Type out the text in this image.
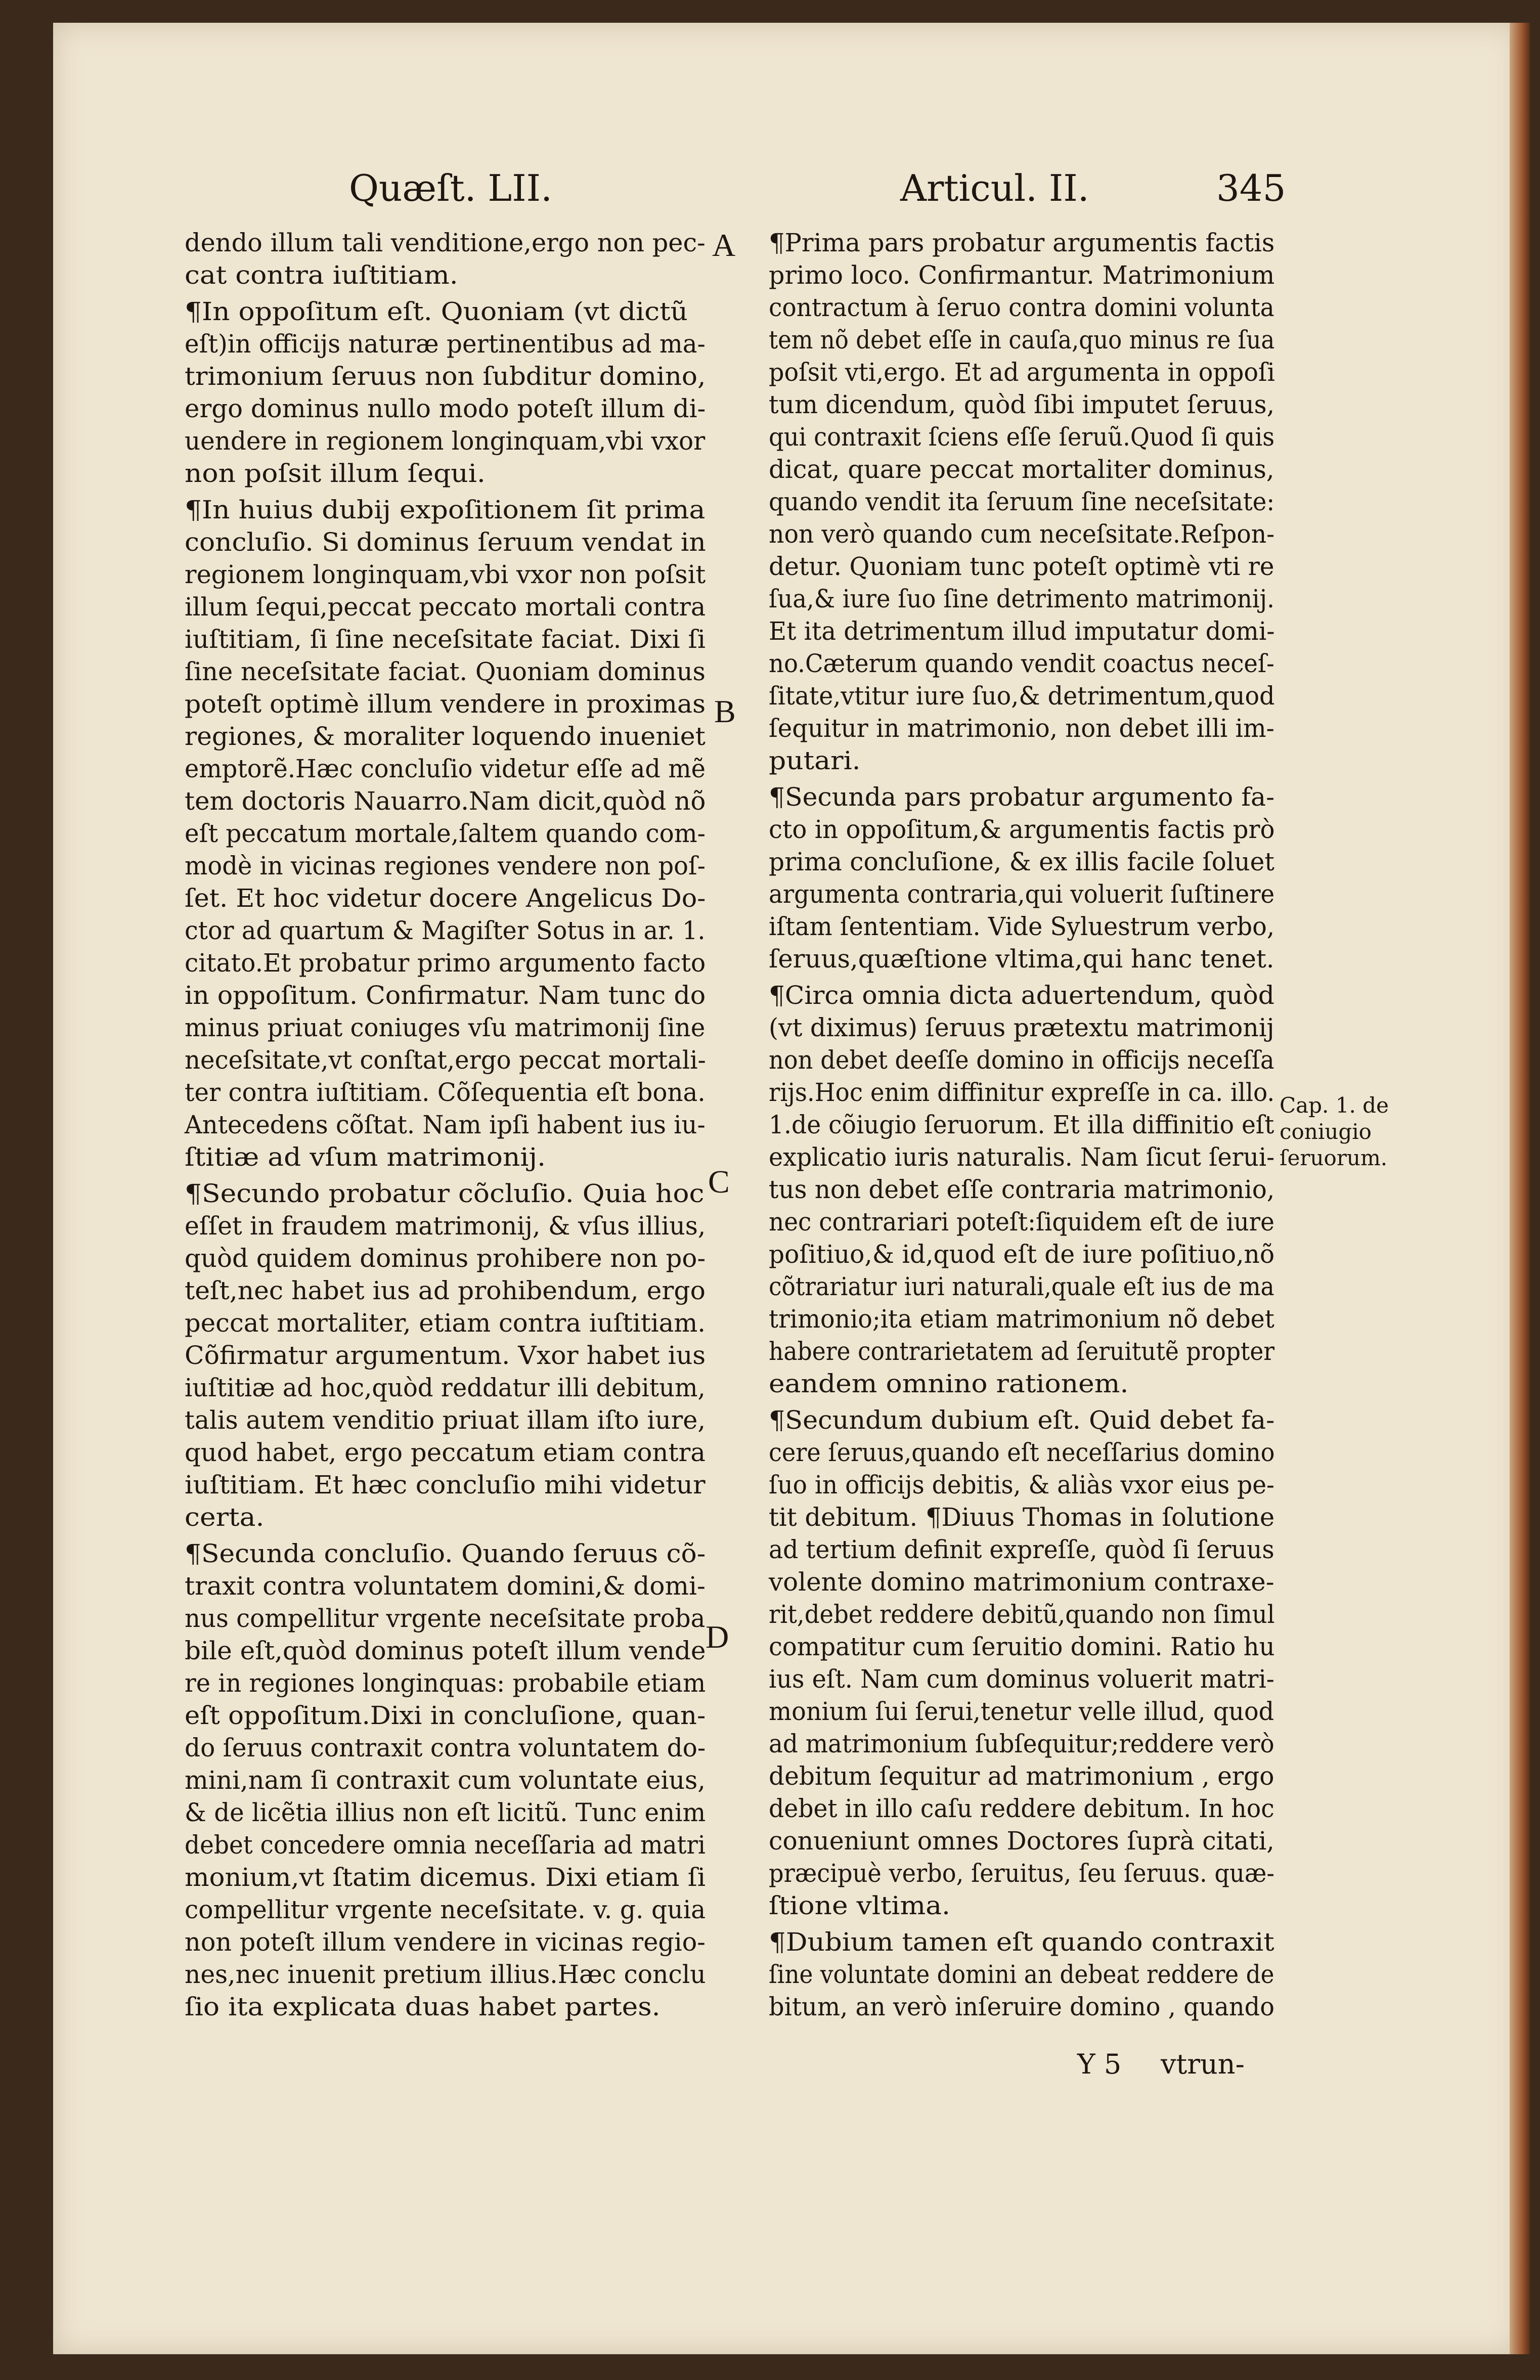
Quæſt. LII.	Articul. II.	345
dendo illum tali venditione,ergo non pec-
cat contra iuſtitiam.
¶In oppoſitum eſt. Quoniam (vt dictũ
eſt)in officijs naturæ pertinentibus ad ma-
trimonium ſeruus non ſubditur domino,
ergo dominus nullo modo poteſt illum di-
uendere in regionem longinquam,vbi vxor
non poſsit illum ſequi.
¶In huius dubij expoſitionem ſit prima
concluſio. Si dominus ſeruum vendat in
regionem longinquam,vbi vxor non poſsit
illum ſequi,peccat peccato mortali contra
iuſtitiam, ſi ſine neceſsitate faciat. Dixi ſi
ſine neceſsitate faciat. Quoniam dominus
poteſt optimè illum vendere in proximas
regiones, & moraliter loquendo inueniet
emptorẽ.Hæc concluſio videtur eſſe ad mẽ
tem doctoris Nauarro.Nam dicit,quòd nõ
eſt peccatum mortale,ſaltem quando com-
modè in vicinas regiones vendere non poſ-
ſet. Et hoc videtur docere Angelicus Do-
ctor ad quartum & Magiſter Sotus in ar. 1.
citato.Et probatur primo argumento facto
in oppoſitum. Confirmatur. Nam tunc do
minus priuat coniuges vſu matrimonij ſine
neceſsitate,vt conſtat,ergo peccat mortali-
ter contra iuſtitiam. Cõſequentia eſt bona.
Antecedens cõſtat. Nam ipſi habent ius iu-
ſtitiæ ad vſum matrimonij.
¶Secundo probatur cõcluſio. Quia hoc
eſſet in fraudem matrimonij, & vſus illius,
quòd quidem dominus prohibere non po-
teſt,nec habet ius ad prohibendum, ergo
peccat mortaliter, etiam contra iuſtitiam.
Cõfirmatur argumentum. Vxor habet ius
iuſtitiæ ad hoc,quòd reddatur illi debitum,
talis autem venditio priuat illam iſto iure,
quod habet, ergo peccatum etiam contra
iuſtitiam. Et hæc concluſio mihi videtur
certa.
¶Secunda concluſio. Quando ſeruus cõ-
traxit contra voluntatem domini,& domi-
nus compellitur vrgente neceſsitate proba
bile eſt,quòd dominus poteſt illum vende
re in regiones longinquas: probabile etiam
eſt oppoſitum.Dixi in concluſione, quan-
do ſeruus contraxit contra voluntatem do-
mini,nam ſi contraxit cum voluntate eius,
& de licẽtia illius non eſt licitũ. Tunc enim
debet concedere omnia neceſſaria ad matri
monium,vt ſtatim dicemus. Dixi etiam ſi
compellitur vrgente neceſsitate. v. g. quia
non poteſt illum vendere in vicinas regio-
nes,nec inuenit pretium illius.Hæc conclu
ſio ita explicata duas habet partes.
¶Prima pars probatur argumentis factis
primo loco. Confirmantur. Matrimonium
contractum à ſeruo contra domini volunta
tem nõ debet eſſe in cauſa,quo minus re ſua
poſsit vti,ergo. Et ad argumenta in oppoſi
tum dicendum, quòd ſibi imputet ſeruus,
qui contraxit ſciens eſſe ſeruũ.Quod ſi quis
dicat, quare peccat mortaliter dominus,
quando vendit ita ſeruum ſine neceſsitate:
non verò quando cum neceſsitate.Reſpon-
detur. Quoniam tunc poteſt optimè vti re
ſua,& iure ſuo ſine detrimento matrimonij.
Et ita detrimentum illud imputatur domi-
no.Cæterum quando vendit coactus neceſ-
ſitate,vtitur iure ſuo,& detrimentum,quod
ſequitur in matrimonio, non debet illi im-
putari.
¶Secunda pars probatur argumento fa-
cto in oppoſitum,& argumentis factis prò
prima concluſione, & ex illis facile ſoluet
argumenta contraria,qui voluerit ſuſtinere
iſtam ſententiam. Vide Syluestrum verbo,
ſeruus,quæſtione vltima,qui hanc tenet.
¶Circa omnia dicta aduertendum, quòd
(vt diximus) ſeruus prætextu matrimonij
non debet deeſſe domino in officijs neceſſa
rijs.Hoc enim diffinitur expreſſe in ca. illo.
1.de cõiugio ſeruorum. Et illa diffinitio eſt
explicatio iuris naturalis. Nam ſicut ſerui-
tus non debet eſſe contraria matrimonio,
nec contrariari poteſt:ſiquidem eſt de iure
poſitiuo,& id,quod eſt de iure poſitiuo,nõ
cõtrariatur iuri naturali,quale eſt ius de ma
trimonio;ita etiam matrimonium nõ debet
habere contrarietatem ad ſeruitutẽ propter
eandem omnino rationem.
¶Secundum dubium eſt. Quid debet fa-
cere ſeruus,quando eſt neceſſarius domino
ſuo in officijs debitis, & aliàs vxor eius pe-
tit debitum. ¶Diuus Thomas in ſolutione
ad tertium definit expreſſe, quòd ſi ſeruus
volente domino matrimonium contraxe-
rit,debet reddere debitũ,quando non ſimul
compatitur cum ſeruitio domini. Ratio hu
ius eſt. Nam cum dominus voluerit matri-
monium ſui ſerui,tenetur velle illud, quod
ad matrimonium ſubſequitur;reddere verò
debitum ſequitur ad matrimonium , ergo
debet in illo caſu reddere debitum. In hoc
conueniunt omnes Doctores ſuprà citati,
præcipuè verbo, ſeruitus, ſeu ſeruus. quæ-
ſtione vltima.
¶Dubium tamen eſt quando contraxit
ſine voluntate domini an debeat reddere de
bitum, an verò inſeruire domino , quando
A
B
C
D
Cap. 1. de
coniugio
ſeruorum.
Y 5 vtrun-
